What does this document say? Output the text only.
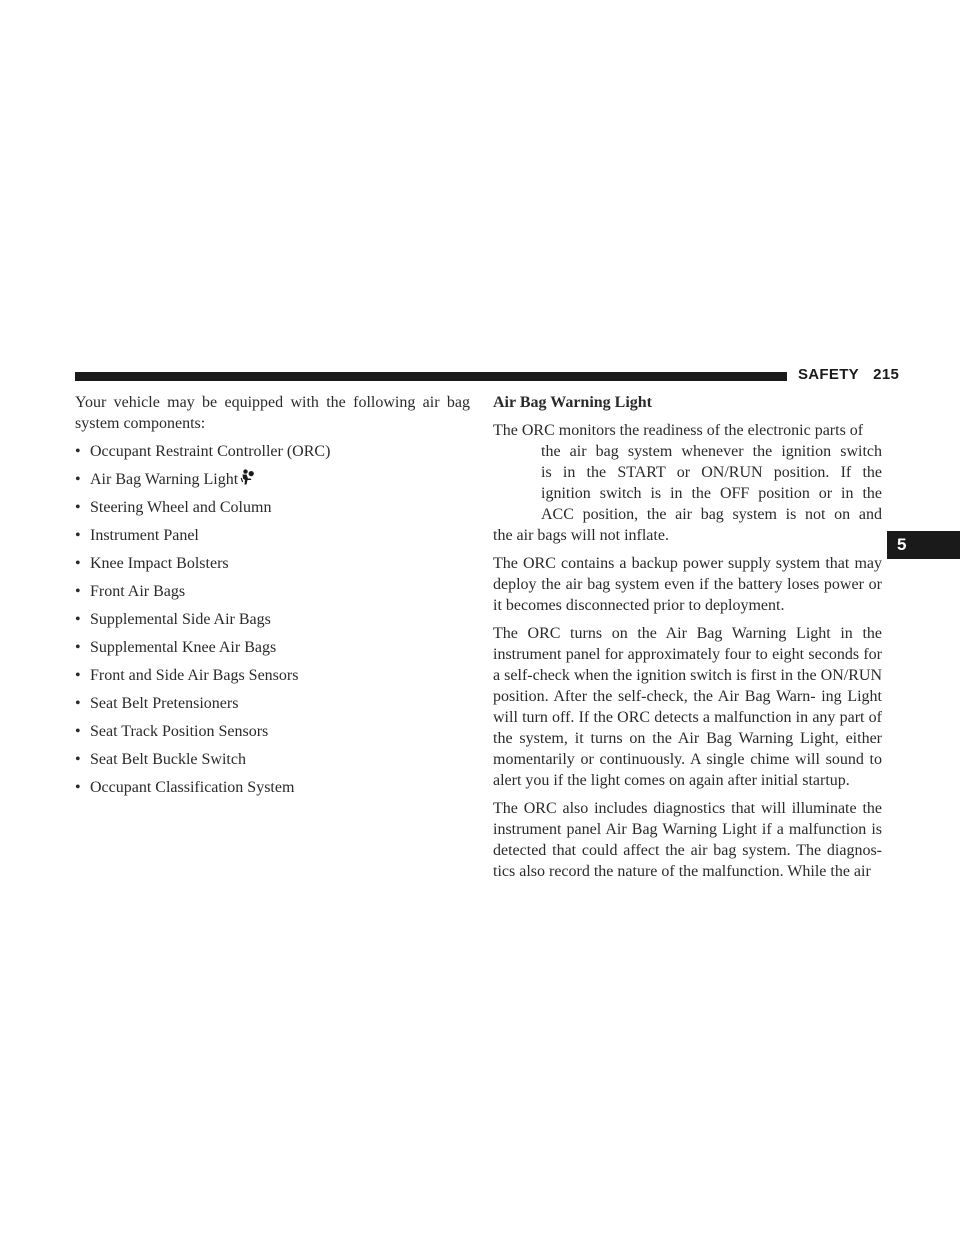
SAFETY 215
5

Your vehicle may be equipped with the following air bag system components:

• Occupant Restraint Controller (ORC)
• Air Bag Warning Light
• Steering Wheel and Column
• Instrument Panel
• Knee Impact Bolsters
• Front Air Bags
• Supplemental Side Air Bags
• Supplemental Knee Air Bags
• Front and Side Air Bags Sensors
• Seat Belt Pretensioners
• Seat Track Position Sensors
• Seat Belt Buckle Switch
• Occupant Classification System
Air Bag Warning Light

The ORC monitors the readiness of the electronic parts of
the air bag system whenever the ignition switch
is in the START or ON/RUN position. If the
ignition switch is in the OFF position or in the
ACC position, the air bag system is not on and
the air bags will not inflate.

The ORC contains a backup power supply system that may deploy the air bag system even if the battery loses power or it becomes disconnected prior to deployment.

The ORC turns on the Air Bag Warning Light in the instrument panel for approximately four to eight seconds for a self-check when the ignition switch is first in the ON/RUN position. After the self-check, the Air Bag Warn- ing Light will turn off. If the ORC detects a malfunction in any part of the system, it turns on the Air Bag Warning Light, either momentarily or continuously. A single chime will sound to alert you if the light comes on again after initial startup.

The ORC also includes diagnostics that will illuminate the instrument panel Air Bag Warning Light if a malfunction is detected that could affect the air bag system. The diagnos- tics also record the nature of the malfunction. While the air
